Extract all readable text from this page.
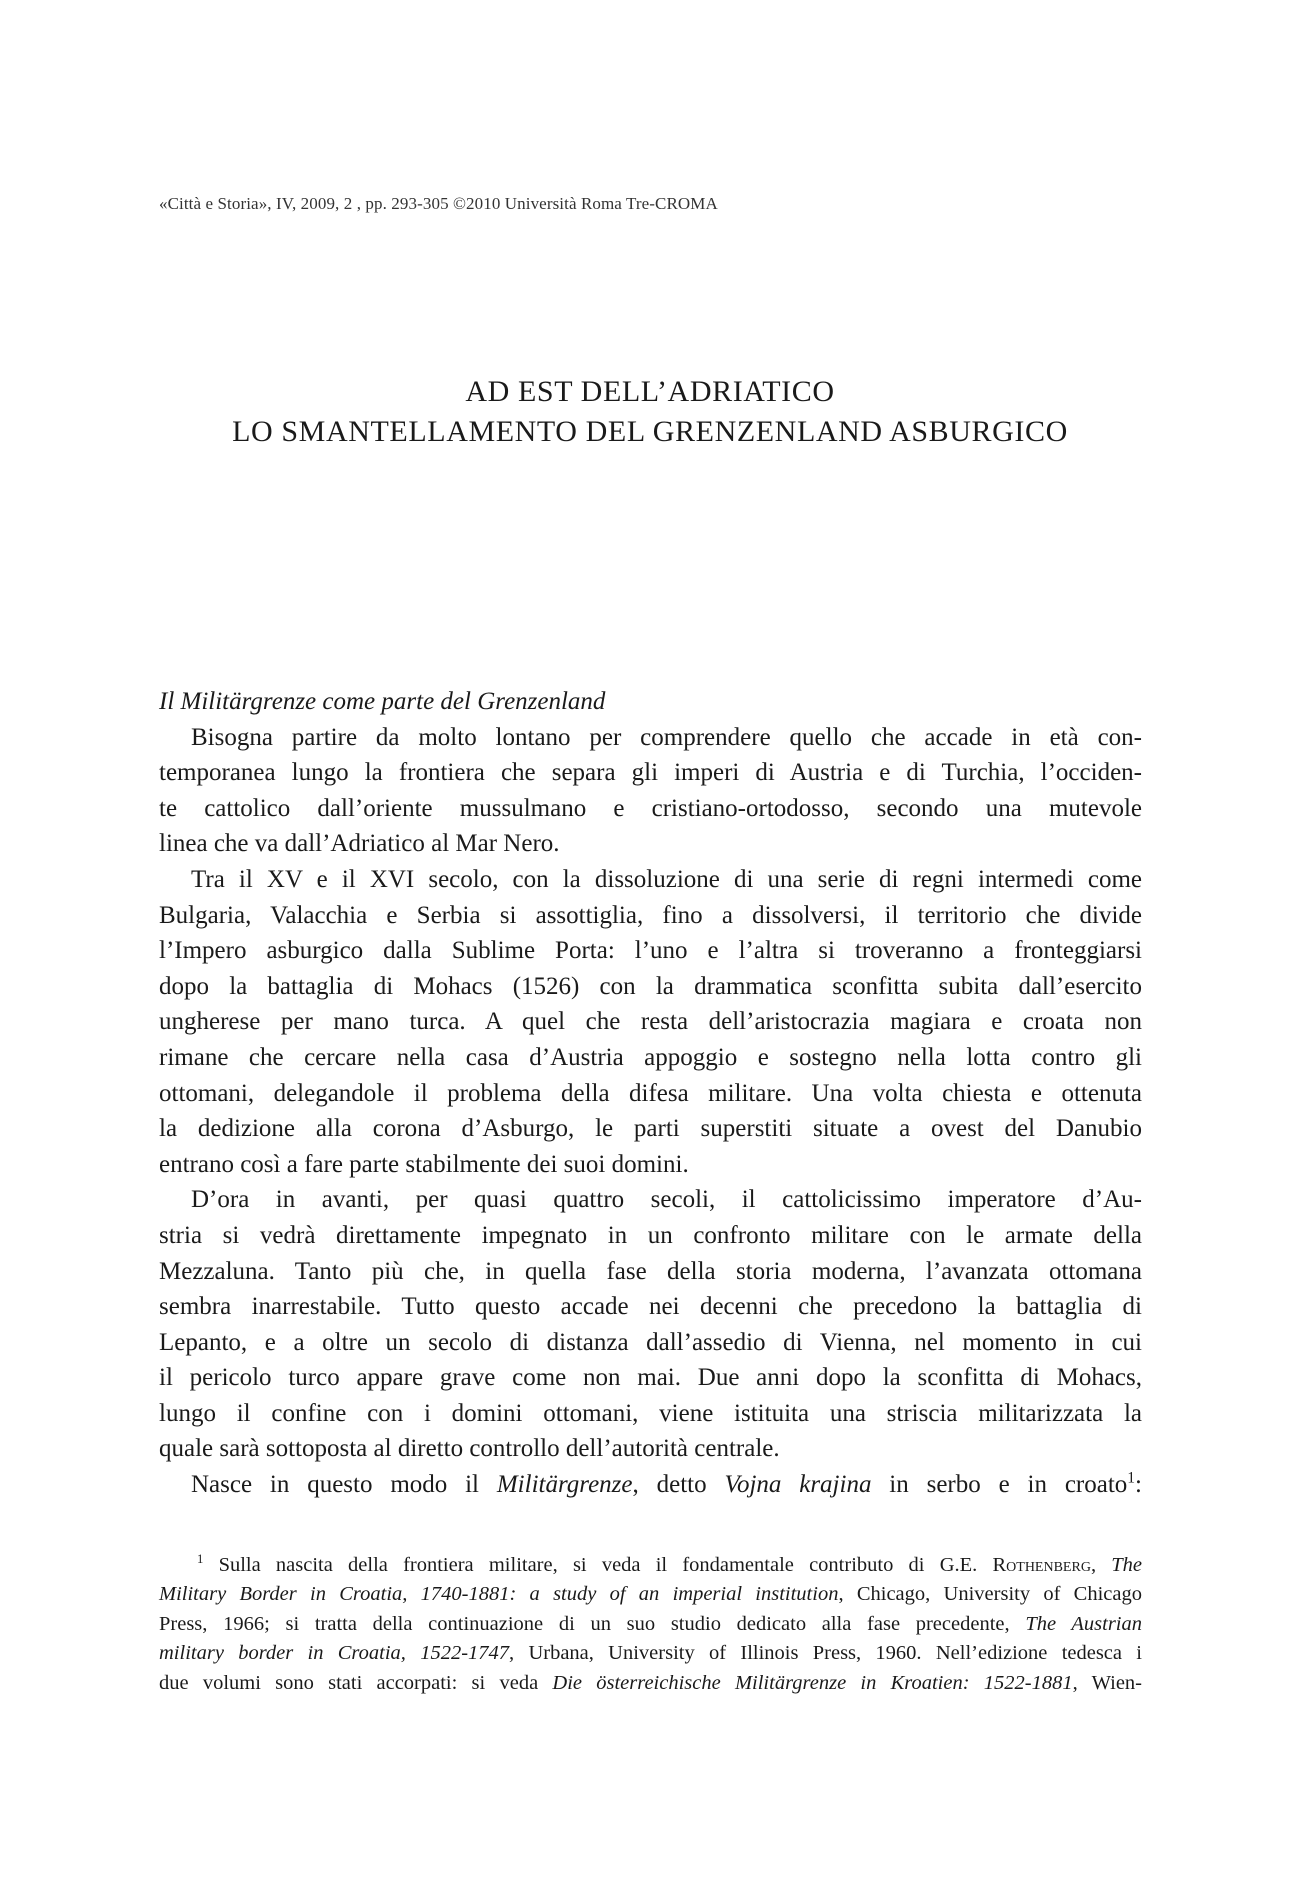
«Città e Storia», IV, 2009, 2 , pp. 293-305 ©2010 Università Roma Tre-CROMA
AD EST DELL’ADRIATICO
LO SMANTELLAMENTO DEL GRENZENLAND ASBURGICO
Il Militärgrenze come parte del Grenzenland

Bisogna partire da molto lontano per comprendere quello che accade in età con-
temporanea lungo la frontiera che separa gli imperi di Austria e di Turchia, l’occiden-
te cattolico dall’oriente mussulmano e cristiano-ortodosso, secondo una mutevole
linea che va dall’Adriatico al Mar Nero.

Tra il XV e il XVI secolo, con la dissoluzione di una serie di regni intermedi come
Bulgaria, Valacchia e Serbia si assottiglia, fino a dissolversi, il territorio che divide
l’Impero asburgico dalla Sublime Porta: l’uno e l’altra si troveranno a fronteggiarsi
dopo la battaglia di Mohacs (1526) con la drammatica sconfitta subita dall’esercito
ungherese per mano turca. A quel che resta dell’aristocrazia magiara e croata non
rimane che cercare nella casa d’Austria appoggio e sostegno nella lotta contro gli
ottomani, delegandole il problema della difesa militare. Una volta chiesta e ottenuta
la dedizione alla corona d’Asburgo, le parti superstiti situate a ovest del Danubio
entrano così a fare parte stabilmente dei suoi domini.

D’ora in avanti, per quasi quattro secoli, il cattolicissimo imperatore d’Au-
stria si vedrà direttamente impegnato in un confronto militare con le armate della
Mezzaluna. Tanto più che, in quella fase della storia moderna, l’avanzata ottomana
sembra inarrestabile. Tutto questo accade nei decenni che precedono la battaglia di
Lepanto, e a oltre un secolo di distanza dall’assedio di Vienna, nel momento in cui
il pericolo turco appare grave come non mai. Due anni dopo la sconfitta di Mohacs,
lungo il confine con i domini ottomani, viene istituita una striscia militarizzata la
quale sarà sottoposta al diretto controllo dell’autorità centrale.

Nasce in questo modo il Militärgrenze, detto Vojna krajina in serbo e in croato$^1$:

$^1$ Sulla nascita della frontiera militare, si veda il fondamentale contributo di G.E. Rothenberg, The

Military Border in Croatia, 1740-1881: a study of an imperial institution, Chicago, University of Chicago

Press, 1966; si tratta della continuazione di un suo studio dedicato alla fase precedente, The Austrian

military border in Croatia, 1522-1747, Urbana, University of Illinois Press, 1960. Nell’edizione tedesca i

due volumi sono stati accorpati: si veda Die österreichische Militärgrenze in Kroatien: 1522-1881, Wien-
